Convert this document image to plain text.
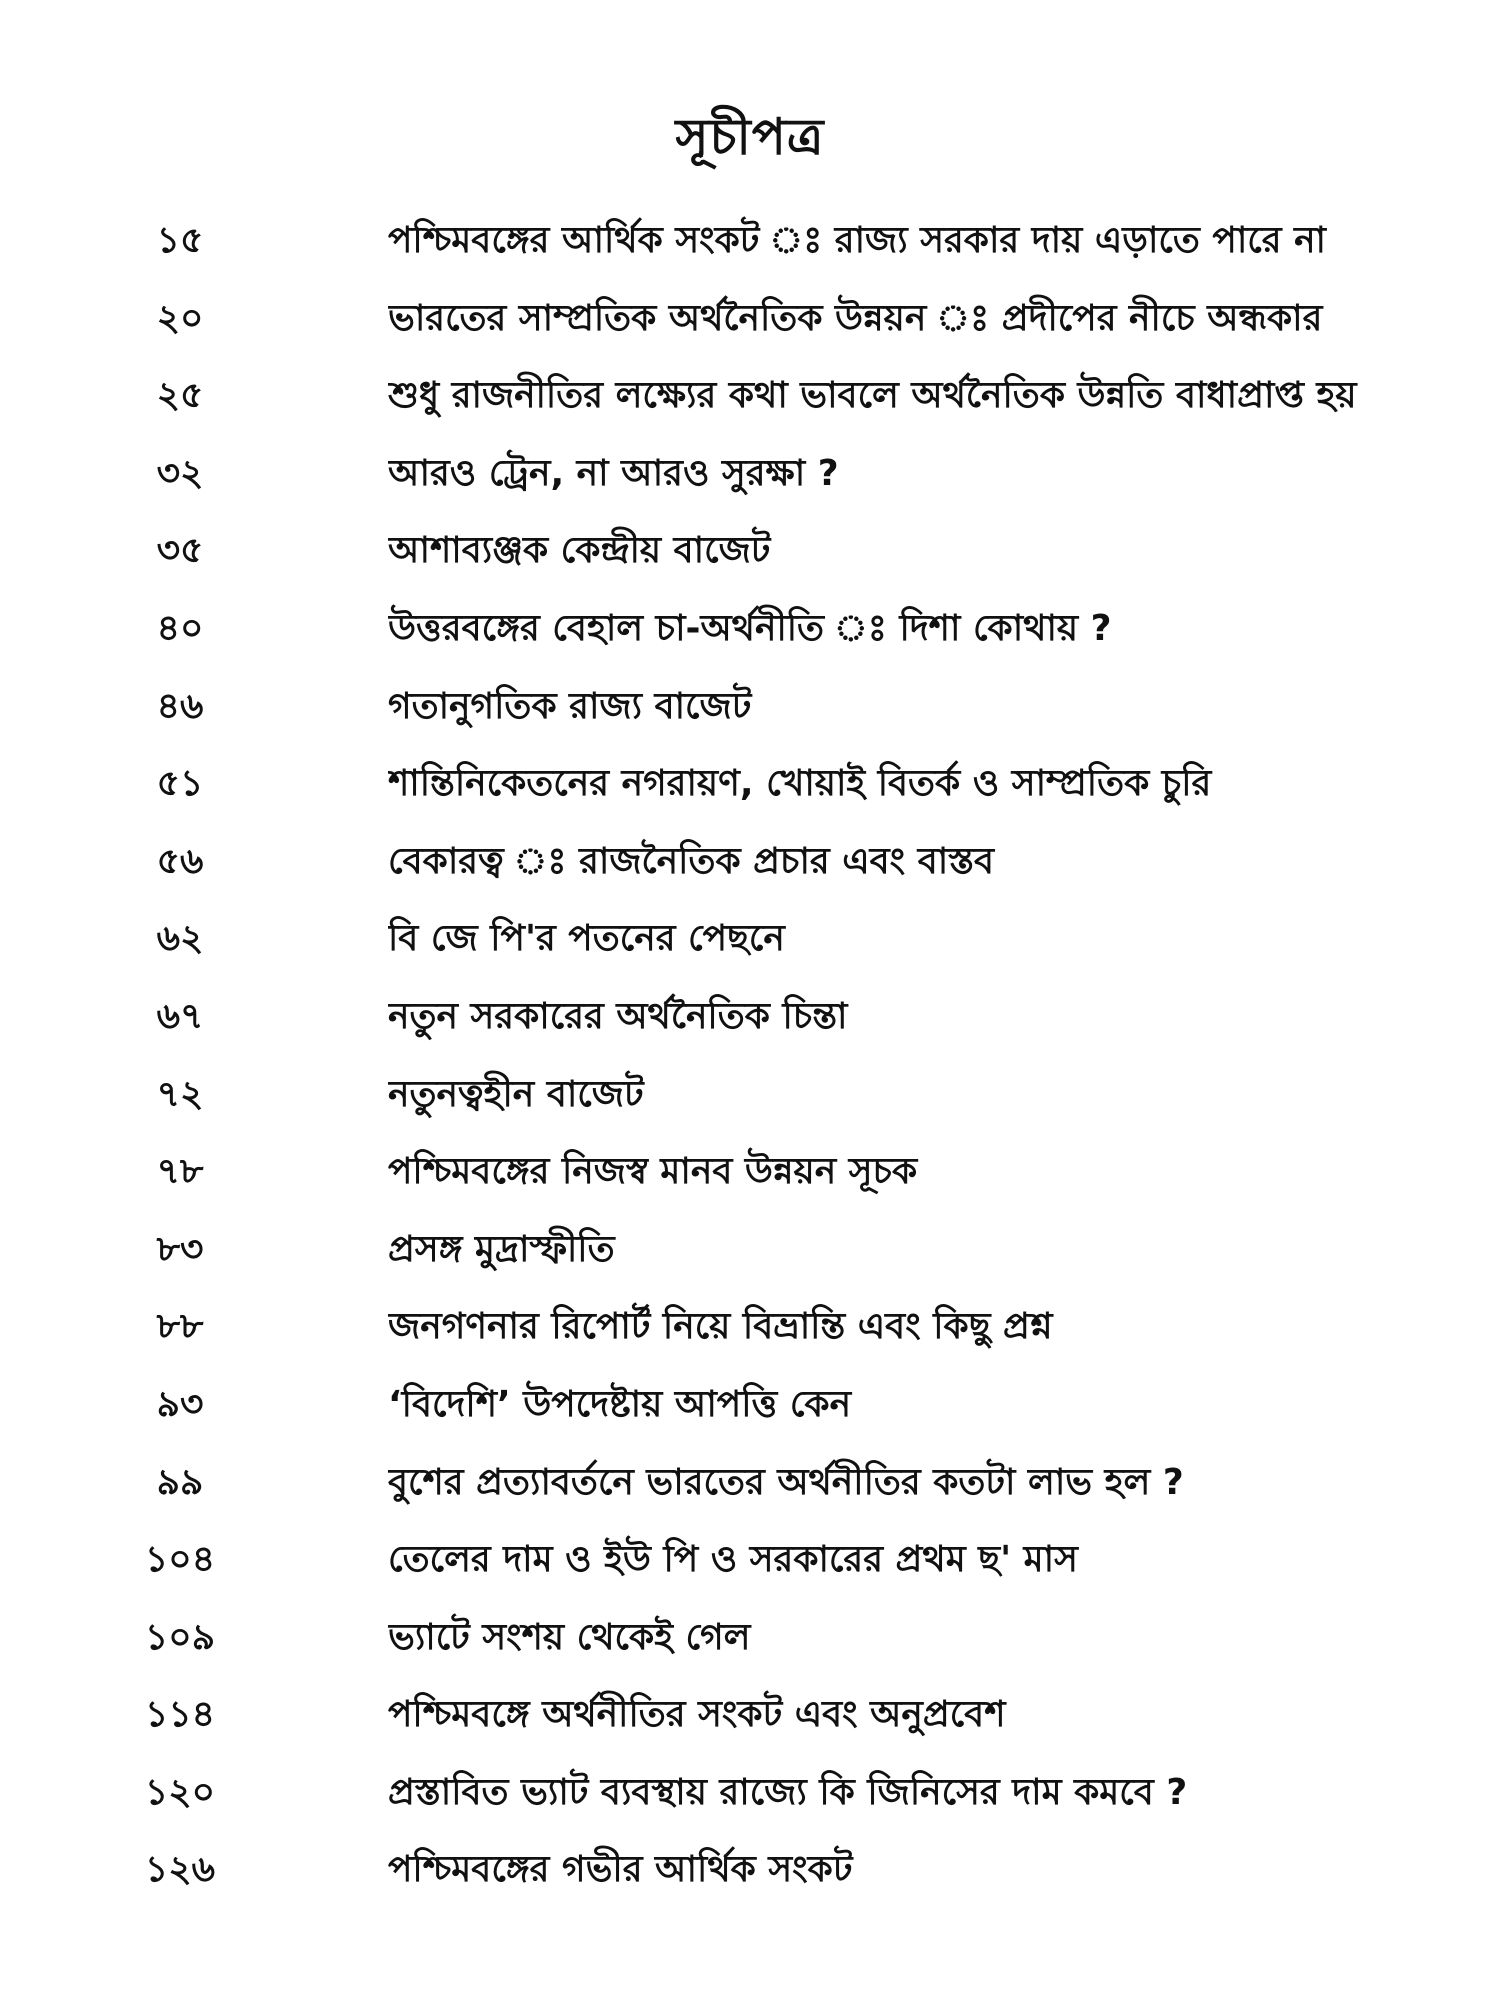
সূচীপত্র
১৫	পশ্চিমবঙ্গের আর্থিক সংকট ঃ রাজ্য সরকার দায় এড়াতে পারে না
২০	ভারতের সাম্প্রতিক অর্থনৈতিক উন্নয়ন ঃ প্রদীপের নীচে অন্ধকার
২৫	শুধু রাজনীতির লক্ষ্যের কথা ভাবলে অর্থনৈতিক উন্নতি বাধাপ্রাপ্ত হয়
৩২	আরও ট্রেন, না আরও সুরক্ষা ?
৩৫	আশাব্যঞ্জক কেন্দ্রীয় বাজেট
৪০	উত্তরবঙ্গের বেহাল চা-অর্থনীতি ঃ দিশা কোথায় ?
৪৬	গতানুগতিক রাজ্য বাজেট
৫১	শান্তিনিকেতনের নগরায়ণ, খোয়াই বিতর্ক ও সাম্প্রতিক চুরি
৫৬	বেকারত্ব ঃ রাজনৈতিক প্রচার এবং বাস্তব
৬২	বি জে পি'র পতনের পেছনে
৬৭	নতুন সরকারের অর্থনৈতিক চিন্তা
৭২	নতুনত্বহীন বাজেট
৭৮	পশ্চিমবঙ্গের নিজস্ব মানব উন্নয়ন সূচক
৮৩	প্রসঙ্গ মুদ্রাস্ফীতি
৮৮	জনগণনার রিপোর্ট নিয়ে বিভ্রান্তি এবং কিছু প্রশ্ন
৯৩	‘বিদেশি’ উপদেষ্টায় আপত্তি কেন
৯৯	বুশের প্রত্যাবর্তনে ভারতের অর্থনীতির কতটা লাভ হল ?
১০৪	তেলের দাম ও ইউ পি ও সরকারের প্রথম ছ' মাস
১০৯	ভ্যাটে সংশয় থেকেই গেল
১১৪	পশ্চিমবঙ্গে অর্থনীতির সংকট এবং অনুপ্রবেশ
১২০	প্রস্তাবিত ভ্যাট ব্যবস্থায় রাজ্যে কি জিনিসের দাম কমবে ?
১২৬	পশ্চিমবঙ্গের গভীর আর্থিক সংকট
